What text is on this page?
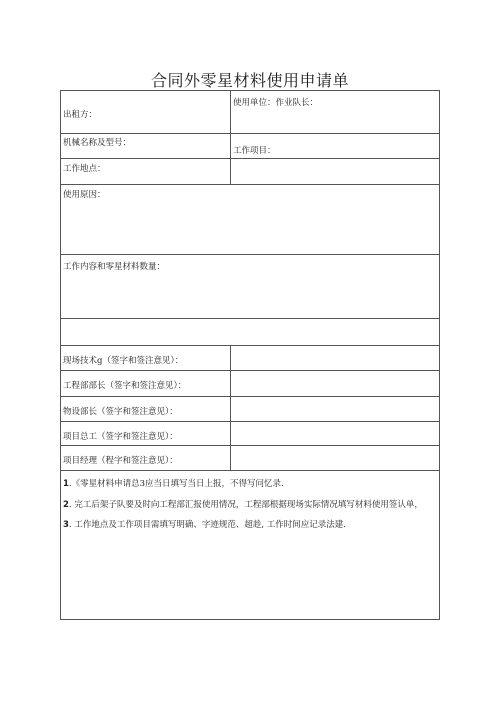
合同外零星材料使用申请单
出租方：
使用单位：作业队长：
机械名称及型号：
工作项目：
工作地点：
使用原因：
工作内容和零星材料数量：
现场技术g（签字和签注意见）：
工程部部长（签字和签注意见）：
物设部长（签字和签注意见）：
项目总工（签字和签注意见）：
项目经理（程字和签注意见）：
1.《零星材料申请总3应当日填写当日上报，不得写问忆录.
2. 完工后架子队要及时向工程部汇报使用情况，工程部根据现场实际情况填写材料使用签认单，
3. 工作地点及工作项目需填写明确、字迹规范、超趁, 工作时间应记录法建.
